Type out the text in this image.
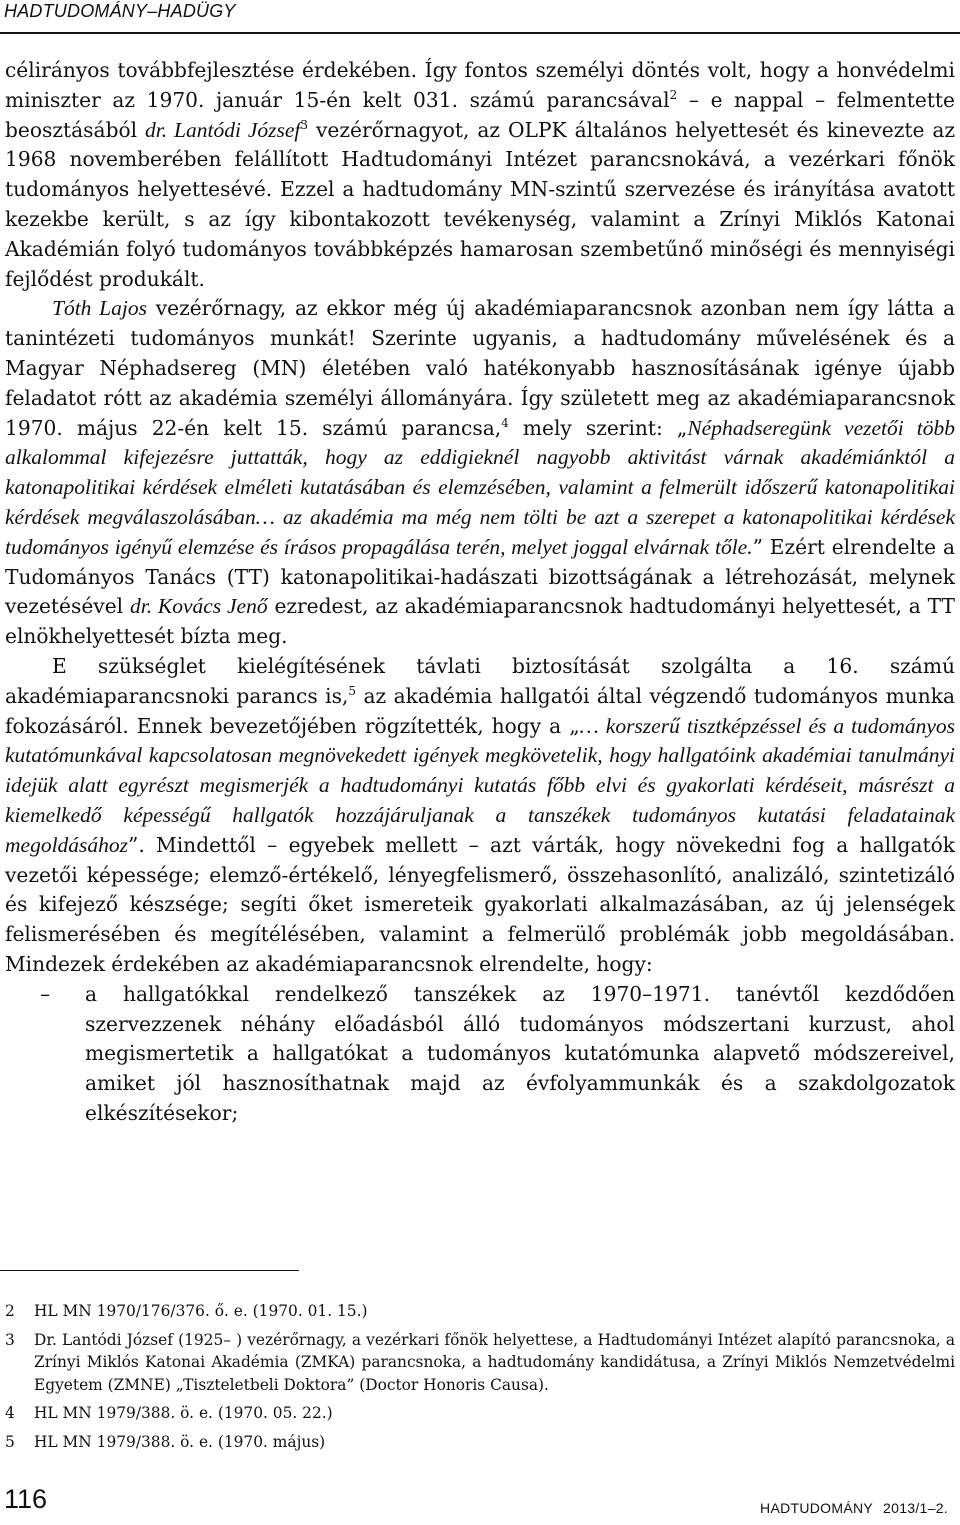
HADTUDOMÁNY–HADÜGY

célirányos továbbfejlesztése érdekében. Így fontos személyi döntés volt, hogy a honvédelmi miniszter az 1970. január 15-én kelt 031. számú parancsával$^2$ – e nappal – felmentette beosztásából dr. Lantódi József$^3$ vezérőrnagyot, az OLPK általános helyettesét és kinevezte az 1968 novemberében felállított Hadtudományi Intézet parancsnokává, a vezérkari főnök tudományos helyettesévé. Ezzel a hadtudomány MN-szintű szervezése és irányítása avatott kezekbe került, s az így kibontakozott tevékenység, valamint a Zrínyi Miklós Katonai Akadémián folyó tudományos továbbképzés hamarosan szembetűnő minőségi és mennyiségi fejlődést produkált.

Tóth Lajos vezérőrnagy, az ekkor még új akadémiaparancsnok azonban nem így látta a tanintézeti tudományos munkát! Szerinte ugyanis, a hadtudomány művelésének és a Magyar Néphadsereg (MN) életében való hatékonyabb hasznosításának igénye újabb feladatot rótt az akadémia személyi állományára. Így született meg az akadémiaparancsnok 1970. május 22-én kelt 15. számú parancsa,$^4$ mely szerint: „Néphadseregünk vezetői több alkalommal kifejezésre juttatták, hogy az eddigieknél nagyobb aktivitást várnak akadémiánktól a katonapolitikai kérdések elméleti kutatásában és elemzésében, valamint a felmerült időszerű katonapolitikai kérdések megválaszolásában… az akadémia ma még nem tölti be azt a szerepet a katonapolitikai kérdések tudományos igényű elemzése és írásos propagálása terén, melyet joggal elvárnak tőle.” Ezért elrendelte a Tudományos Tanács (TT) katonapolitikai-hadászati bizottságának a létrehozását, melynek vezetésével dr. Kovács Jenő ezredest, az akadémiaparancsnok hadtudományi helyettesét, a TT elnökhelyettesét bízta meg.

E szükséglet kielégítésének távlati biztosítását szolgálta a 16. számú akadémiaparancsnoki parancs is,$^5$ az akadémia hallgatói által végzendő tudományos munka fokozásáról. Ennek bevezetőjében rögzítették, hogy a „… korszerű tisztképzéssel és a tudományos kutatómunkával kapcsolatosan megnövekedett igények megkövetelik, hogy hallgatóink akadémiai tanulmányi idejük alatt egyrészt megismerjék a hadtudományi kutatás főbb elvi és gyakorlati kérdéseit, másrészt a kiemelkedő képességű hallgatók hozzájáruljanak a tanszékek tudományos kutatási feladatainak megoldásához”. Mindettől – egyebek mellett – azt várták, hogy növekedni fog a hallgatók vezetői képessége; elemző-értékelő, lényegfelismerő, összehasonlító, analizáló, szintetizáló és kifejező készsége; segíti őket ismereteik gyakorlati alkalmazásában, az új jelenségek felismerésében és megítélésében, valamint a felmerülő problémák jobb megoldásában. Mindezek érdekében az akadémiaparancsnok elrendelte, hogy:

– a hallgatókkal rendelkező tanszékek az 1970–1971. tanévtől kezdődően szervezzenek néhány előadásból álló tudományos módszertani kurzust, ahol megismertetik a hallgatókat a tudományos kutatómunka alapvető módszereivel, amiket jól hasznosíthatnak majd az évfolyammunkák és a szakdolgozatok elkészítésekor;

2 HL MN 1970/176/376. ő. e. (1970. 01. 15.)
3 Dr. Lantódi József (1925– ) vezérőrnagy, a vezérkari főnök helyettese, a Hadtudományi Intézet alapító parancsnoka, a Zrínyi Miklós Katonai Akadémia (ZMKA) parancsnoka, a hadtudomány kandidátusa, a Zrínyi Miklós Nemzetvédelmi Egyetem (ZMNE) „Tiszteletbeli Doktora” (Doctor Honoris Causa).
4 HL MN 1979/388. ö. e. (1970. 05. 22.)
5 HL MN 1979/388. ö. e. (1970. május)
116	HADTUDOMÁNY 2013/1–2.
